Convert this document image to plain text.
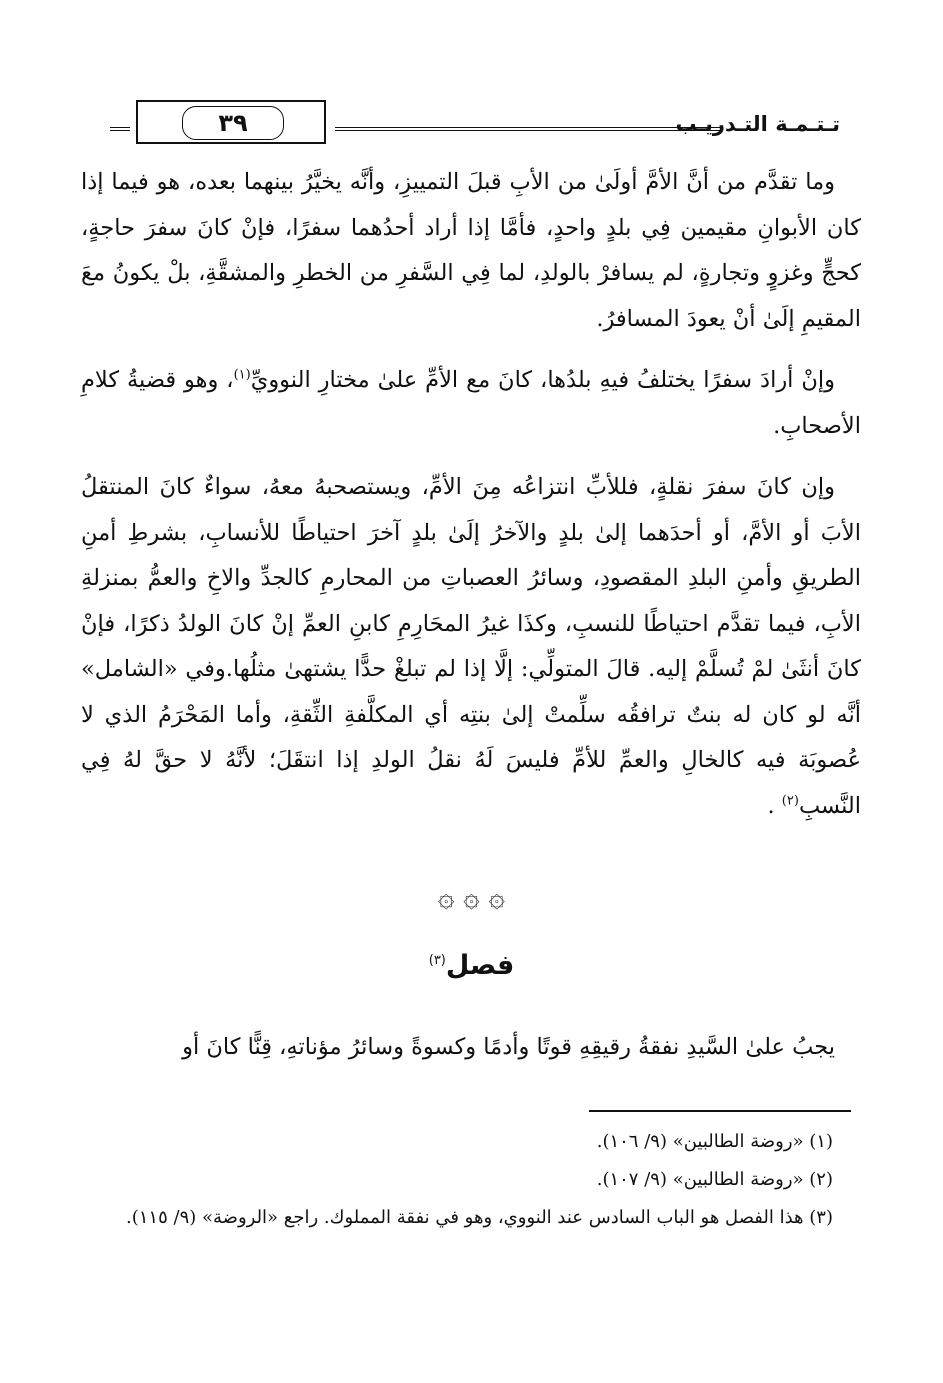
تـتـمـة التـدريـب
٣٩

وما تقدَّم من أنَّ الأمَّ أولَىٰ من الأبِ قبلَ التمييزِ، وأنَّه يخيَّرُ بينهما بعده، هو فيما إذا كان الأبوانِ مقيمين فِي بلدٍ واحدٍ، فأمَّا إذا أراد أحدُهما سفرًا، فإنْ كانَ سفرَ حاجةٍ، كحجٍّ وغزوٍ وتجارةٍ، لم يسافرْ بالولدِ، لما فِي السَّفرِ من الخطرِ والمشقَّةِ، بلْ يكونُ معَ المقيمِ إلَىٰ أنْ يعودَ المسافرُ.

وإنْ أرادَ سفرًا يختلفُ فيهِ بلدُها، كانَ مع الأمِّ علىٰ مختارِ النوويِّ$^{(١)}$، وهو قضيةُ كلامِ الأصحابِ.

وإن كانَ سفرَ نقلةٍ، فللأبِّ انتزاعُه مِنَ الأمِّ، ويستصحبهُ معهُ، سواءٌ كانَ المنتقلُ الأبَ أو الأمَّ، أو أحدَهما إلىٰ بلدٍ والآخرُ إلَىٰ بلدٍ آخرَ احتياطًا للأنسابِ، بشرطِ أمنِ الطريقِ وأمنِ البلدِ المقصودِ، وسائرُ العصباتِ من المحارمِ كالجدِّ والاخِ والعمُّ بمنزلةِ الأبِ، فيما تقدَّم احتياطًا للنسبِ، وكذَا غيرُ المحَارِمِ كابنِ العمِّ إنْ كانَ الولدُ ذكرًا، فإنْ كانَ أنثَىٰ لمْ تُسلَّمْ إليه. قالَ المتولِّي: إلَّا إذا لم تبلغْ حدًّا يشتهىٰ مثلُها.وفي «الشامل» أنَّه لو كان له بنتٌ ترافقُه سلِّمتْ إلىٰ بنتِه أي المكلَّفةِ الثِّقةِ، وأما المَحْرَمُ الذي لا عُصوبَة فيه كالخالِ والعمِّ للأمِّ فليسَ لَهُ نقلُ الولدِ إذا انتقَلَ؛ لأنَّهُ لا حقَّ لهُ فِي النَّسبِ$^{(٢)}$ .

۞ ۞ ۞
فصل$^{(٣)}$

يجبُ علىٰ السَّيدِ نفقةُ رقيقِهِ قوتًا وأدمًا وكسوةً وسائرُ مؤناتهِ، قِنًّا كانَ أو

(١) «روضة الطالبين» (٩/ ١٠٦).
(٢) «روضة الطالبين» (٩/ ١٠٧).
(٣) هذا الفصل هو الباب السادس عند النووي، وهو في نفقة المملوك. راجع «الروضة» (٩/ ١١٥).
